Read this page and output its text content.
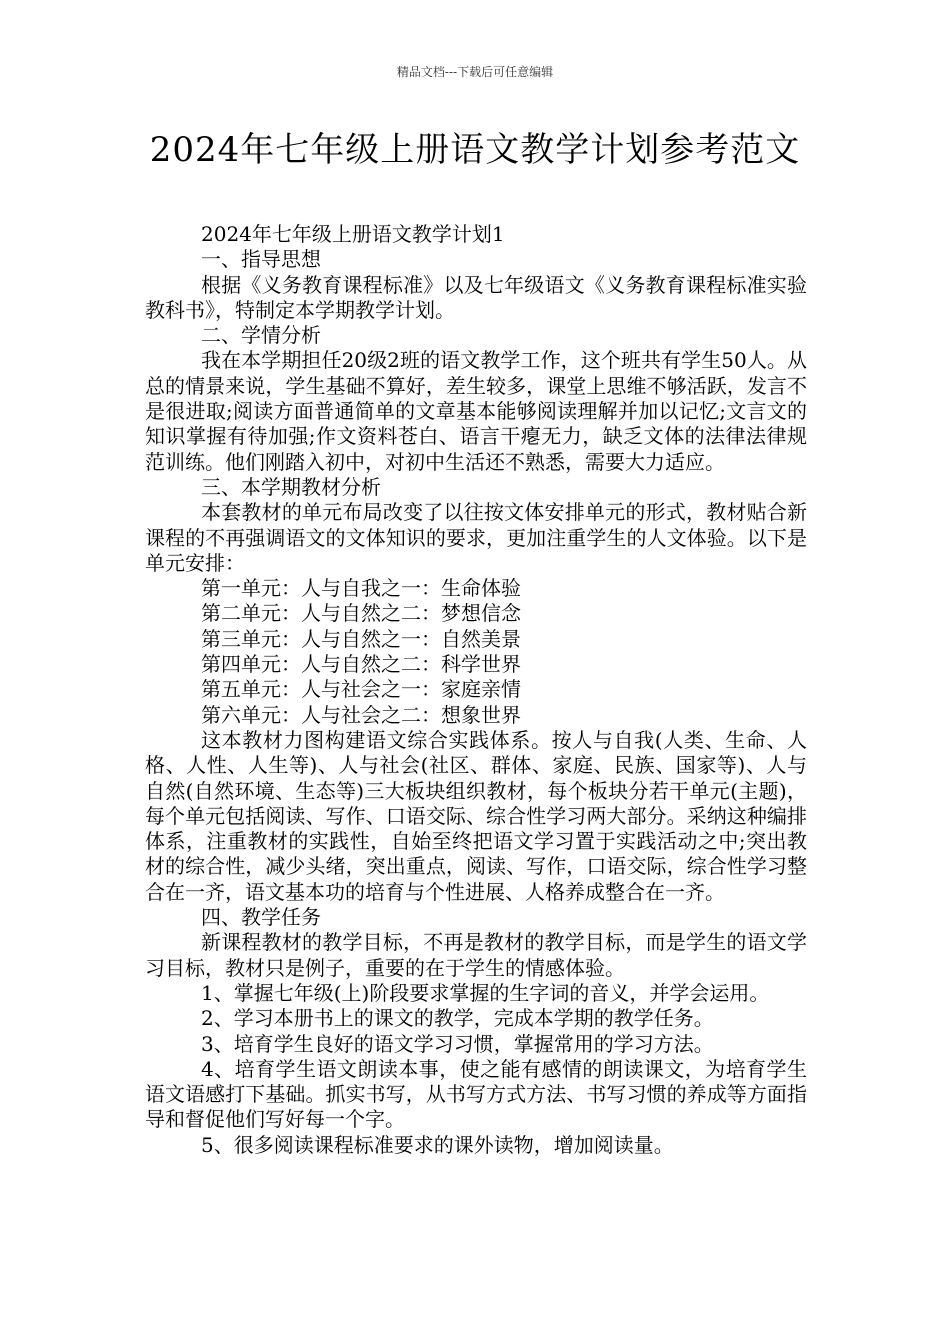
精品文档---下载后可任意编辑
2024年七年级上册语文教学计划参考范文

2024年七年级上册语文教学计划1

一、指导思想

根据《义务教育课程标准》以及七年级语文《义务教育课程标准实验教科书》，特制定本学期教学计划。

二、学情分析

我在本学期担任20级2班的语文教学工作，这个班共有学生50人。从总的情景来说，学生基础不算好，差生较多，课堂上思维不够活跃，发言不是很进取;阅读方面普通简单的文章基本能够阅读理解并加以记忆;文言文的知识掌握有待加强;作文资料苍白、语言干瘪无力，缺乏文体的法律法律规范训练。他们刚踏入初中，对初中生活还不熟悉，需要大力适应。

三、本学期教材分析

本套教材的单元布局改变了以往按文体安排单元的形式，教材贴合新课程的不再强调语文的文体知识的要求，更加注重学生的人文体验。以下是单元安排：

第一单元：人与自我之一：生命体验

第二单元：人与自然之二：梦想信念

第三单元：人与自然之一：自然美景

第四单元：人与自然之二：科学世界

第五单元：人与社会之一：家庭亲情

第六单元：人与社会之二：想象世界

这本教材力图构建语文综合实践体系。按人与自我(人类、生命、人格、人性、人生等)、人与社会(社区、群体、家庭、民族、国家等)、人与自然(自然环境、生态等)三大板块组织教材，每个板块分若干单元(主题)，每个单元包括阅读、写作、口语交际、综合性学习两大部分。采纳这种编排体系，注重教材的实践性，自始至终把语文学习置于实践活动之中;突出教材的综合性，减少头绪，突出重点，阅读、写作，口语交际，综合性学习整合在一齐，语文基本功的培育与个性进展、人格养成整合在一齐。

四、教学任务

新课程教材的教学目标，不再是教材的教学目标，而是学生的语文学习目标，教材只是例子，重要的在于学生的情感体验。

1、掌握七年级(上)阶段要求掌握的生字词的音义，并学会运用。

2、学习本册书上的课文的教学，完成本学期的教学任务。

3、培育学生良好的语文学习习惯，掌握常用的学习方法。

4、培育学生语文朗读本事，使之能有感情的朗读课文，为培育学生语文语感打下基础。抓实书写，从书写方式方法、书写习惯的养成等方面指导和督促他们写好每一个字。

5、很多阅读课程标准要求的课外读物，增加阅读量。
